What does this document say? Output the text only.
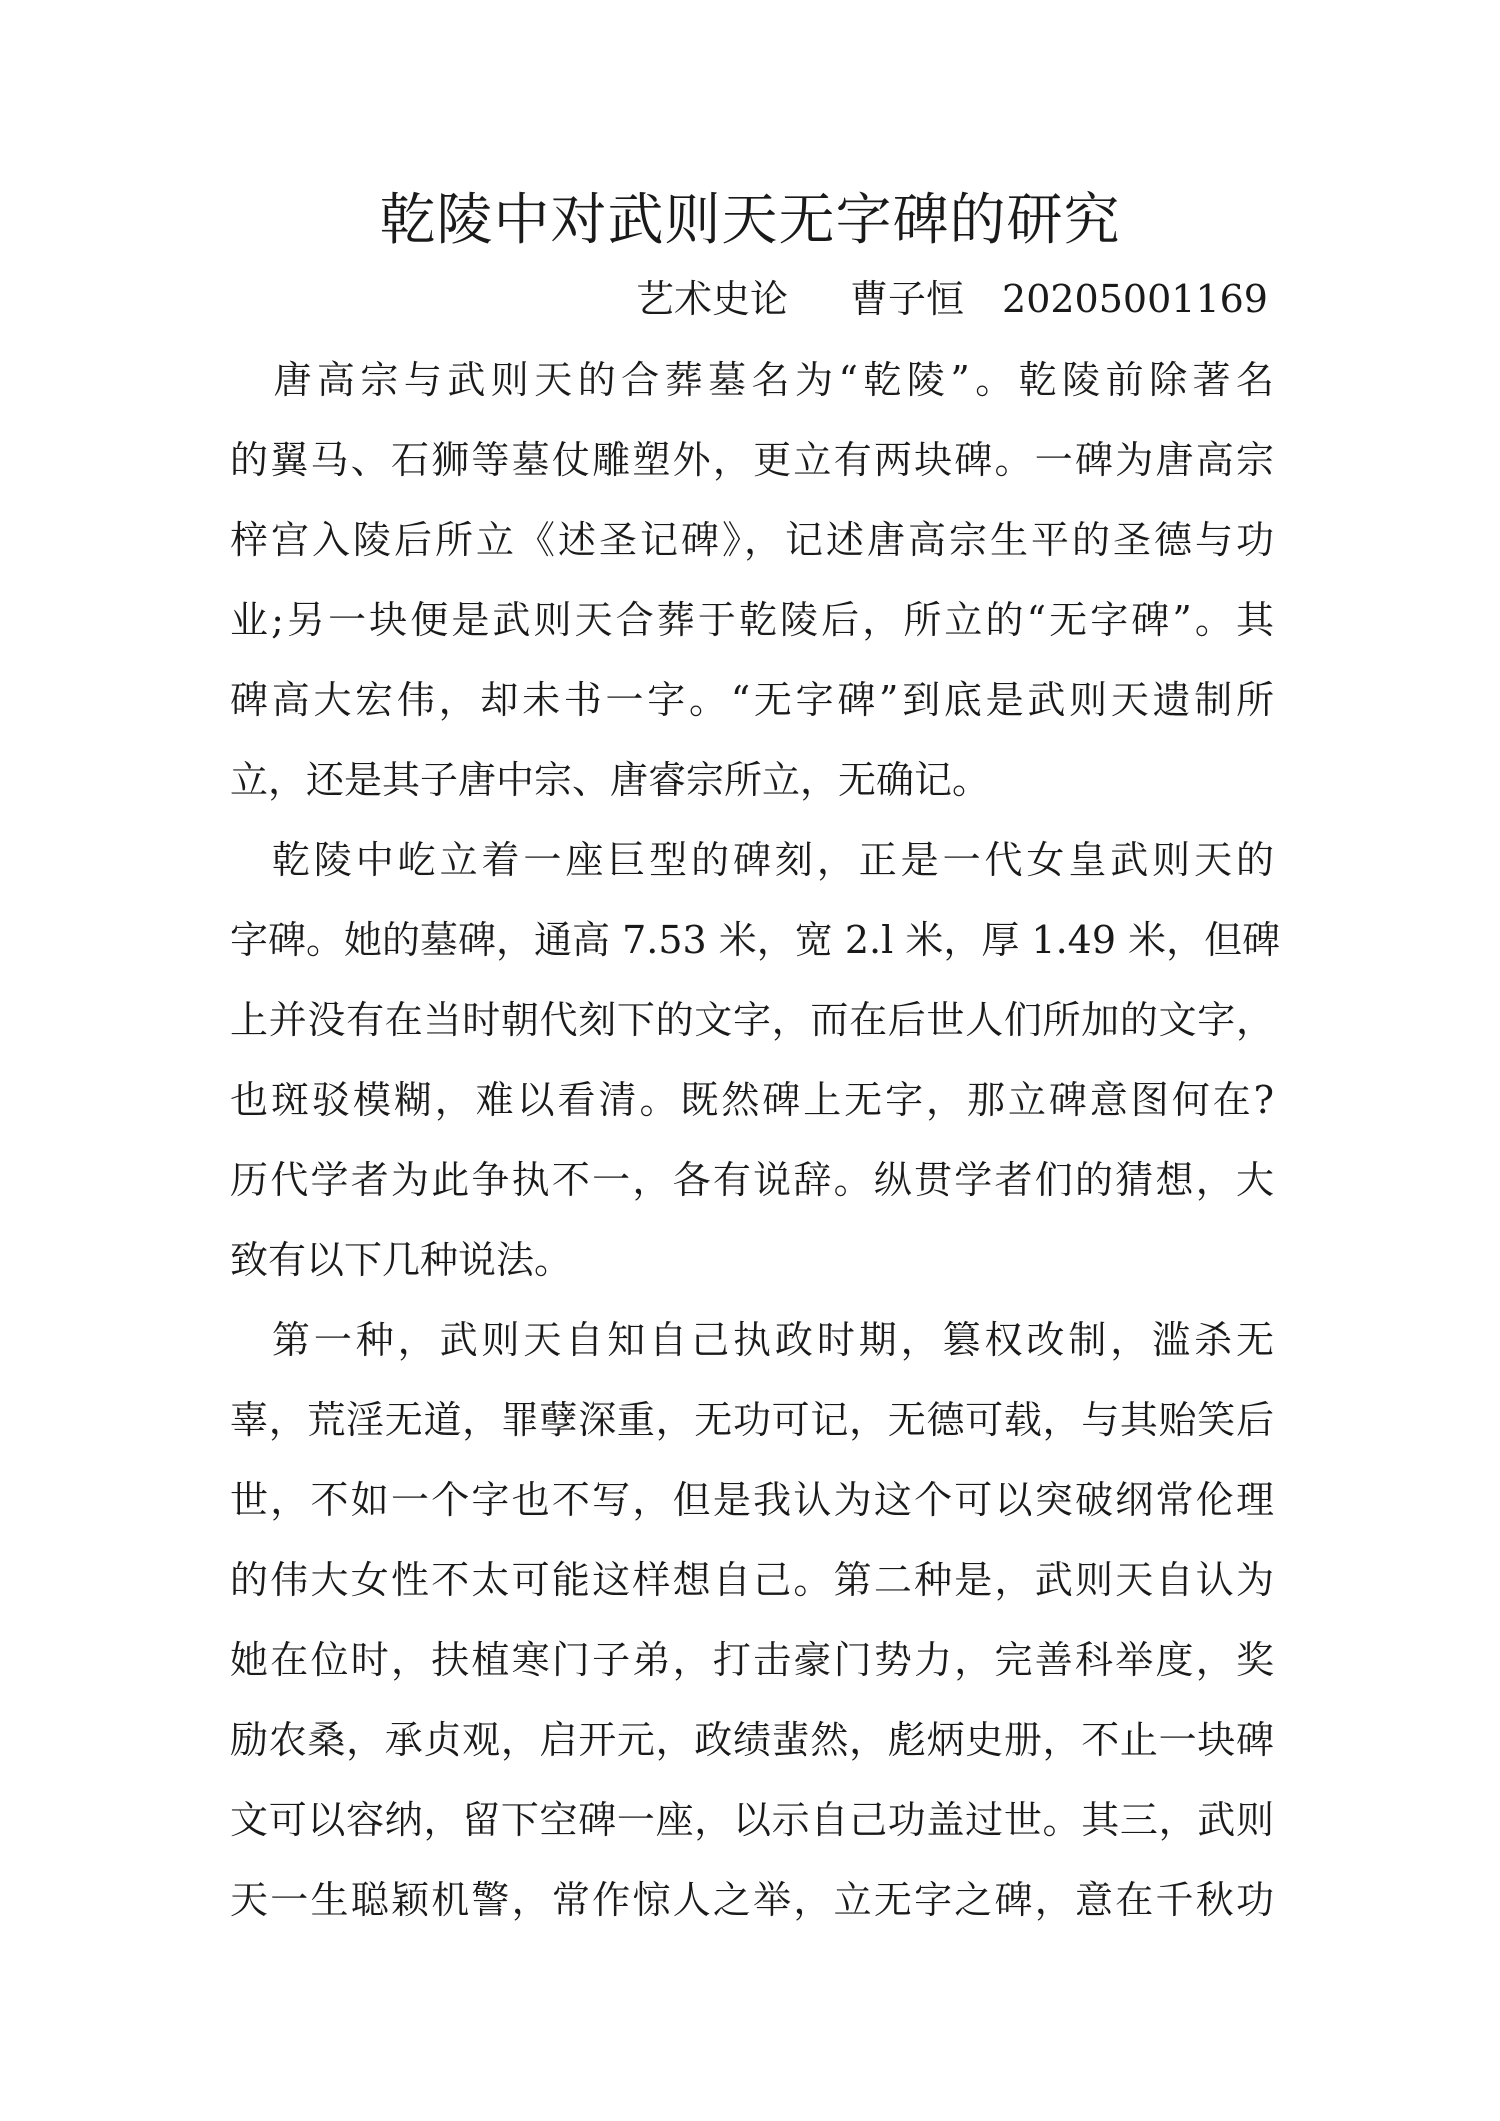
乾陵中对武则天无字碑的研究
艺术史论 曹子恒 20205001169
　唐高宗与武则天的合葬墓名为“乾陵”。乾陵前除著名
的翼马、石狮等墓仗雕塑外，更立有两块碑。一碑为唐高宗
梓宫入陵后所立《述圣记碑》，记述唐高宗生平的圣德与功
业;另一块便是武则天合葬于乾陵后，所立的“无字碑”。其
碑高大宏伟，却未书一字。“无字碑”到底是武则天遗制所
立，还是其子唐中宗、唐睿宗所立，无确记。
　乾陵中屹立着一座巨型的碑刻，正是一代女皇武则天的
字碑。她的墓碑，通高 7.53 米，宽 2.l 米，厚 1.49 米，但碑
上并没有在当时朝代刻下的文字，而在后世人们所加的文字，
也斑驳模糊，难以看清。既然碑上无字，那立碑意图何在?
历代学者为此争执不一，各有说辞。纵贯学者们的猜想，大
致有以下几种说法。
　第一种，武则天自知自己执政时期，篡权改制，滥杀无
辜，荒淫无道，罪孽深重，无功可记，无德可载，与其贻笑后
世，不如一个字也不写，但是我认为这个可以突破纲常伦理
的伟大女性不太可能这样想自己。第二种是，武则天自认为
她在位时，扶植寒门子弟，打击豪门势力，完善科举度，奖
励农桑，承贞观，启开元，政绩蜚然，彪炳史册，不止一块碑
文可以容纳，留下空碑一座，以示自己功盖过世。其三，武则
天一生聪颖机警，常作惊人之举，立无字之碑，意在千秋功
